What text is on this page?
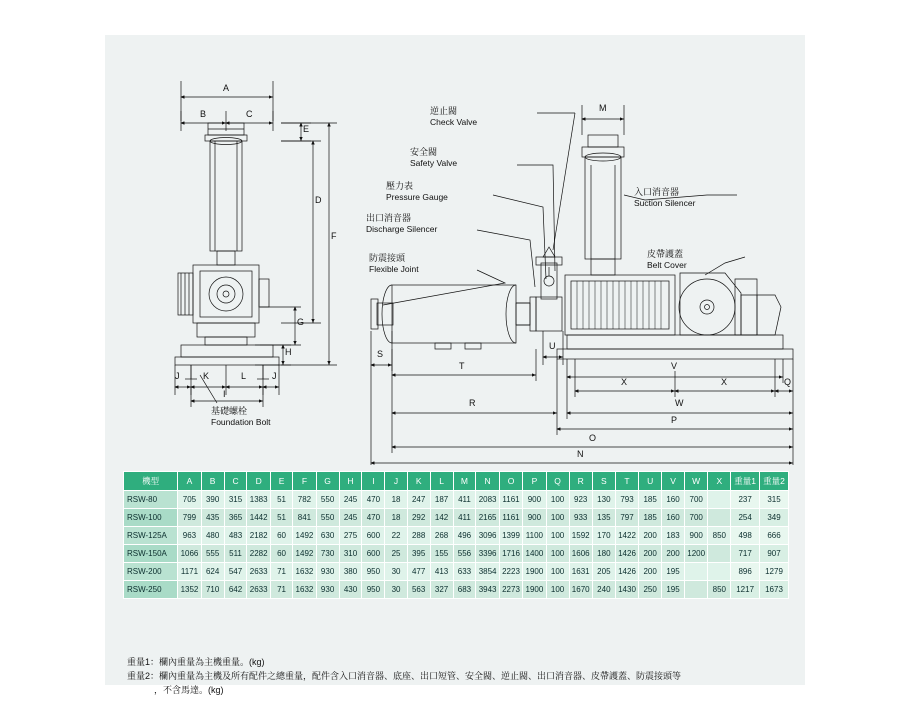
逆止閥
Check Valve
安全閥
Safety Valve
壓力表
Pressure Gauge
出口消音器
Discharge Silencer
防震接頭
Flexible Joint
入口消音器
Suction Silencer
皮帶護蓋
Belt Cover
基礎螺栓
Foundation Bolt
A
B	C
E
D
F
G
H
I
J	K	L	J
M
U
S
T	V
X	X	Q
R	W
P
O
N
機型	A	B	C	D	E	F	G	H	I	J	K	L	M	N	O	P	Q	R	S	T	U	V	W	X	重量1	重量2
RSW-80	705	390	315	1383	51	782	550	245	470	18	247	187	411	2083	1161	900	100	923	130	793	185	160	700		237	315
RSW-100	799	435	365	1442	51	841	550	245	470	18	292	142	411	2165	1161	900	100	933	135	797	185	160	700		254	349
RSW-125A	963	480	483	2182	60	1492	630	275	600	22	288	268	496	3096	1399	1100	100	1592	170	1422	200	183	900	850	498	666
RSW-150A	1066	555	511	2282	60	1492	730	310	600	25	395	155	556	3396	1716	1400	100	1606	180	1426	200	200	1200		717	907
RSW-200	1171	624	547	2633	71	1632	930	380	950	30	477	413	633	3854	2223	1900	100	1631	205	1426	200	195			896	1279
RSW-250	1352	710	642	2633	71	1632	930	430	950	30	563	327	683	3943	2273	1900	100	1670	240	1430	250	195		850	1217	1673
重量1：欄內重量為主機重量。(kg)
重量2：欄內重量為主機及所有配件之總重量，配件含入口消音器、底座、出口短管、安全閥、逆止閥、出口消音器、皮帶護蓋、防震接頭等
　　　，不含馬達。(kg)
